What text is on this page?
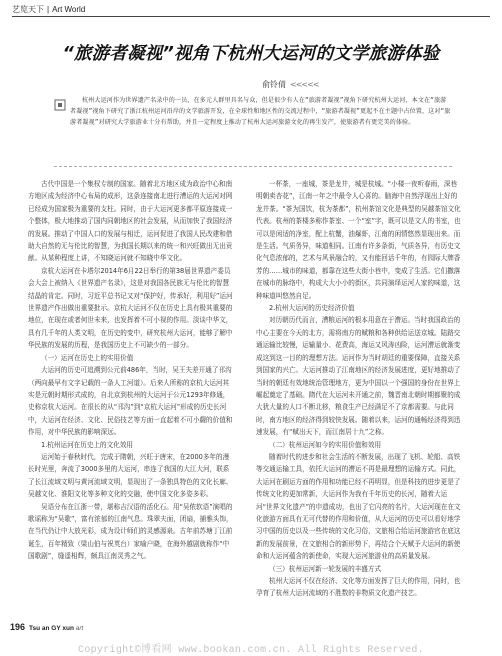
艺览天下 | Art World
“旅游者凝视”视角下杭州大运河的文学旅游体验
俞铃倩 <<<<<

杭州大运河作为世界遗产名录中的一员，在多元人群里具名与众，但是很少有人在“旅游者凝视”视角下研究杭州大运河，本文在“旅游者凝视”视角下研究了浙江杭州运河沿岸的文学旅游开发，在全球性和地区性的交流过程中，“旅游者凝视”更起不在主题中占位置，这对“旅游者凝视”对研究大学旅游业十分有帮助，并且一定程度上推动了杭州大运河旅游文化的再生发产，使旅游者有更完美的体验。

古代中国是一个集权专制的国家。随着北方地区成为政治中心和南方地区成为经济中心布局的成形，这条连接南北进行漕运的大运河对网已经成为国家极为重要的支柱。同时，由于大运河更多都平原连接成一个整体，极大地推动了国内同朝地区的社会发展，从而加快了我国经济的发展。推动了中国人口的发展与相迁，运河促进了我国人民改建和借助大自然的无与伦比的智慧，为我国长期以来的统一和兴旺做出无出贡献。从某种程度上讲，不知晓运河就不知晓中华文化。

京杭大运河在卡塔尔2014年6月22日举行的第38届世界遗产委员会大会上被纳入《世界遗产名录》，这是对我国各民族无与伦比的智慧结晶的肯定。同时，习近平总书记又对“保护好，传承好，利用好”运河世界遗产作出做出重要批示。京杭大运河不仅在历史上具有极其重要的地位，在现在或者何世未来，也发挥着不可小视的作用。淡谈中华文，具有几千年的人类文明，在历史的变中，研究杭州大运河，能够了解中华民族的发展的历程，是我国历史上不可缺少的一部分。

（一）运河在历史上的实用价值

大运河的历史可追溯到公元前486年，当时，吴王夫差开通了邗沟（两向最早有文字记载的一条人工河道）。后来人所称的京杭大运河其实是元朝时期形式成的，自北京到杭州的大运河于公元1293年修通，史称京杭大运河。在很长的从“邗沟”到“京杭大运河”形成的历史长河中，大运河在经济、文化、民俗技艺等方面一直起着不可小觑的价值和作用，对中华民族的影响深远。

1.杭州运河在历史上的文化效用

运河始于春秋时代，完成于隋朝，兴旺于唐宋，在2000多年的漫长时光里，奔流了3000多里的大运河，串连了我国的大江大河，联系了长江流域文明与黄河流域文明，显现出了一条独具特色的文化长廊、吴越文化、淮阳文化等多种文化的交融，使中国文化多姿多彩。

吴语分布在江浙一带，堪称吉汉语的活化石。用“吴侬软语”演唱的歌谣称为“吴歌”，富有浓郁的江南气息。珠翠夫面，团扇，捕雅头饰，在当代仍让中大放光彩，成为设计师们的灵感源泉。古年前苏塘丁江前诞生，百年精致（梁山伯与祝英台）家喻户晓，在海外越剧就称作“中国歌剧”，缝遥相辉，颇具江南灵秀之气。

一杯茶，一座城，茶是龙井，城是杭城。“小楼一夜听春雨，深巷明朝卖杏花”，江南一年之中最令人心喜的。脑海中自然浮现出上好的龙井茶。“茶为国饮，杭为茶都”，杭州茶馆文化是典型的吴越茶馆文化代表。杭州的茶楼多称作茶室、一个“室”字，既可以是文人的书室，也可以是闲适的净室，配上杭蟹，油爆虾，江南的闲情悠然显现出来。而是生活。气质务异，味道相同。江南有许多条街，气质各异，有历史文化气息浓郁的，艺术与风景融合的，又有能回话千年的，有园际大牌香芳的……城市的味道，都靠在这些大街小巷中，变成了生活。它们撒落在城市的脉络中，构成大大小小的街区，共同演绎运河人家的味道，这种味道叫悠然自足。

2.杭州大运河的历史经济价值

对历朝历代而言，漕粮运河的根本用意在于漕运。当时我国政治的中心主要在今天的北方，需将南方的赋粮和各种供给运送京城。陆路交通运输比较慢，运输量小、花费高，海运又风涛凶险，运河漕运就渐变成这到这一目的的理想方法。运河作为当时胡廷的重要保障，直接关系到国家的兴亡。大运河推动了江南地区的经济发展进度，更好地推动了当时的朝廷有效地统治管理地方，更为中国以一个强国的身份在世界上崛起奠定了基础。隋代在大运河未开通之前，魏晋南北朝时期都聚的成大犹大量的人口不断北移，粮食生产已经满足不了京都需要。与此同时，南方地区的经济得到较快发展。随着以来，运河的通畅经济得到迅速发展，有“赋出天下，而江南居十九”之称。

（二）杭州运河如今的实用价值和效用

随着时代的进步和社会生活的不断发展，出现了飞机、轮船、高铁等交通运输工具，依托大运河的漕运不再是最理想的运输方式。同此，大运河在刷运方面的作用和功能已经不再明显，但是科技的进步更是了传统文化的更加常新，大运河作为我有千年历史的长河，随着大运河“世界文化遗产”的申遗成功，也出了它闪亮的名片，大运河现在在文化旅游方面具有无可代替的作用和价值，从大运河的历史可以看好地学习中国的历史以及一些传统的文化习俗，文旅相合给运河旅游官在底这新的发展前景，在文旅相合的新形势下，再结合个天赋予大运河的新使命和大运河蕴含的新使命，实现大运河旅游业的高质量发展。

（三）杭州运河新一轮发展的丰盛方式

杭州大运河不仅在经济、文化等方面发挥了巨大的作用，同时，也孕育了杭州大运河流域的不胜数的非物质文化遗产技艺。

196 Tsu an GY xun art
Copyright©博看网 www.bookan.com.cn. All Rights Reserved.
